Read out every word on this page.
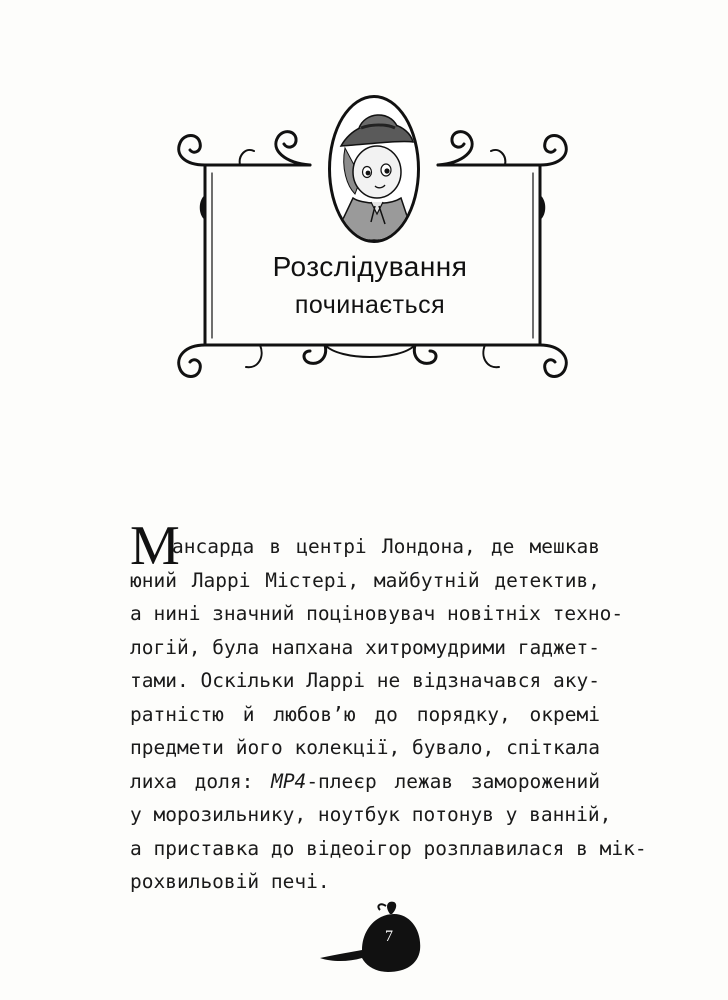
Розслідування
починається
М
ансарда в центрі Лондона, де мешкав
юний Ларрі Містері, майбутній детектив,
а нині значний поціновувач новітніх техно-
логій, була напхана хитромудрими гаджет-
тами. Оскільки Ларрі не відзначався аку-
ратністю й любов’ю до порядку, окремі
предмети його колекції, бувало, спіткала
лиха доля: МР4-плеєр лежав заморожений
у морозильнику, ноутбук потонув у ванній,
а приставка до відеоігор розплавилася в мік-
рохвильовій печі.
7
